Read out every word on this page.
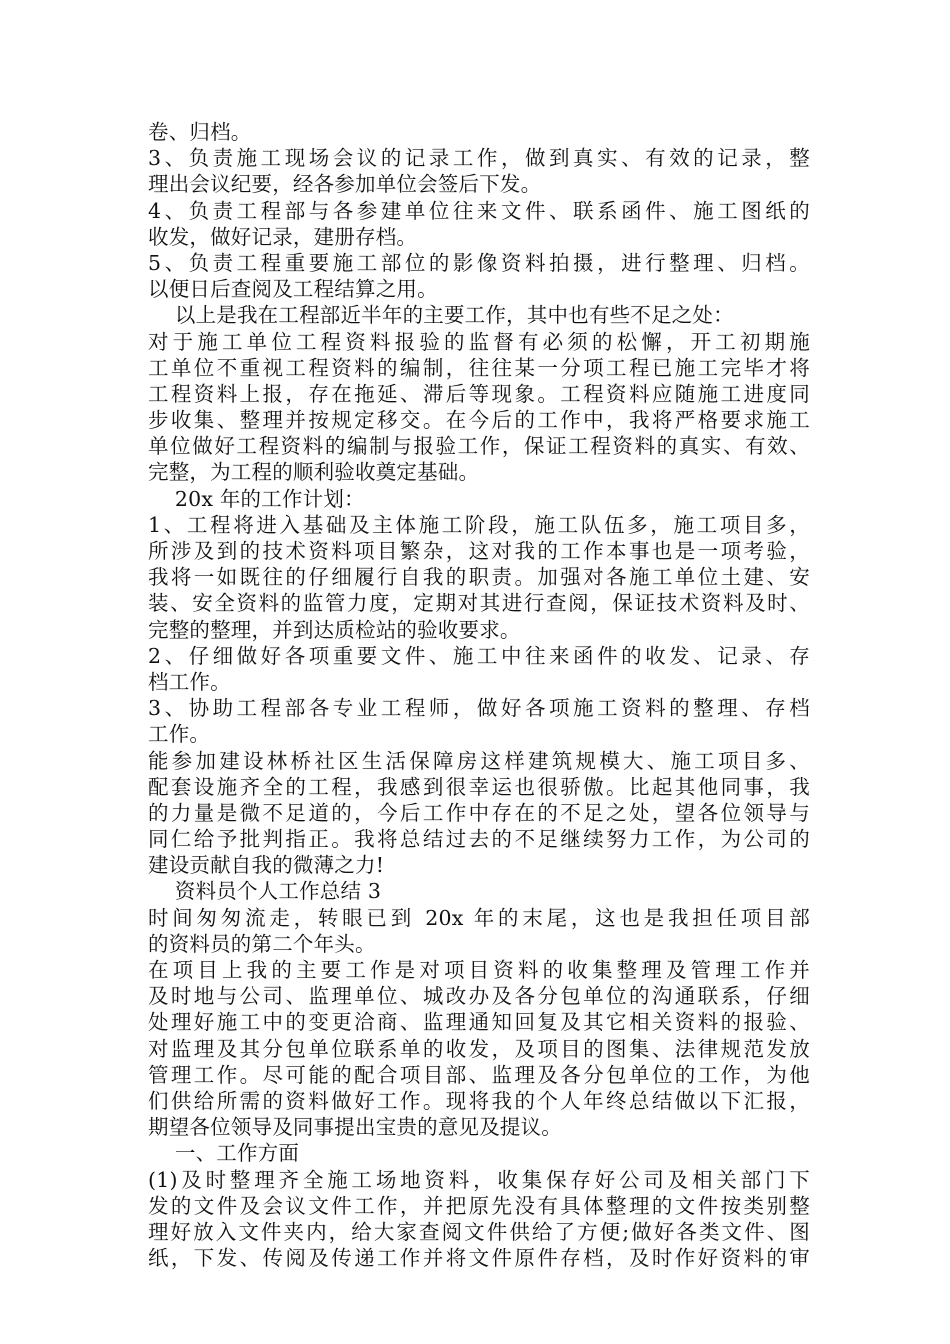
卷、归档。
3、负责施工现场会议的记录工作，做到真实、有效的记录，整
理出会议纪要，经各参加单位会签后下发。
4、负责工程部与各参建单位往来文件、联系函件、施工图纸的
收发，做好记录，建册存档。
5、负责工程重要施工部位的影像资料拍摄，进行整理、归档。
以便日后查阅及工程结算之用。
以上是我在工程部近半年的主要工作，其中也有些不足之处：
对于施工单位工程资料报验的监督有必须的松懈，开工初期施
工单位不重视工程资料的编制，往往某一分项工程已施工完毕才将
工程资料上报，存在拖延、滞后等现象。工程资料应随施工进度同
步收集、整理并按规定移交。在今后的工作中，我将严格要求施工
单位做好工程资料的编制与报验工作，保证工程资料的真实、有效、
完整，为工程的顺利验收奠定基础。
20x 年的工作计划：
1、工程将进入基础及主体施工阶段，施工队伍多，施工项目多，
所涉及到的技术资料项目繁杂，这对我的工作本事也是一项考验，
我将一如既往的仔细履行自我的职责。加强对各施工单位土建、安
装、安全资料的监管力度，定期对其进行查阅，保证技术资料及时、
完整的整理，并到达质检站的验收要求。
2、仔细做好各项重要文件、施工中往来函件的收发、记录、存
档工作。
3、协助工程部各专业工程师，做好各项施工资料的整理、存档
工作。
能参加建设林桥社区生活保障房这样建筑规模大、施工项目多、
配套设施齐全的工程，我感到很幸运也很骄傲。比起其他同事，我
的力量是微不足道的，今后工作中存在的不足之处，望各位领导与
同仁给予批判指正。我将总结过去的不足继续努力工作，为公司的
建设贡献自我的微薄之力!
资料员个人工作总结 3
时间匆匆流走，转眼已到 20x 年的末尾，这也是我担任项目部
的资料员的第二个年头。
在项目上我的主要工作是对项目资料的收集整理及管理工作并
及时地与公司、监理单位、城改办及各分包单位的沟通联系，仔细
处理好施工中的变更洽商、监理通知回复及其它相关资料的报验、
对监理及其分包单位联系单的收发，及项目的图集、法律规范发放
管理工作。尽可能的配合项目部、监理及各分包单位的工作，为他
们供给所需的资料做好工作。现将我的个人年终总结做以下汇报，
期望各位领导及同事提出宝贵的意见及提议。
一、工作方面
(1)及时整理齐全施工场地资料，收集保存好公司及相关部门下
发的文件及会议文件工作，并把原先没有具体整理的文件按类别整
理好放入文件夹内，给大家查阅文件供给了方便;做好各类文件、图
纸，下发、传阅及传递工作并将文件原件存档，及时作好资料的审
